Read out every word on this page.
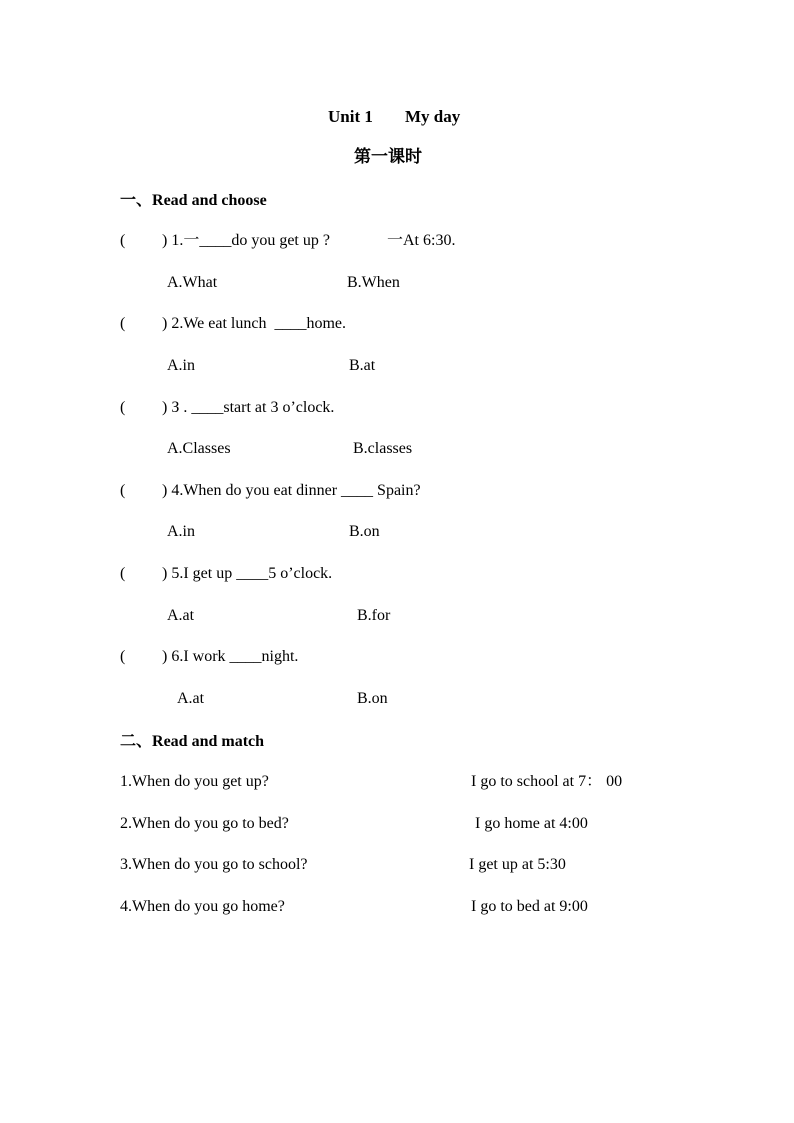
Unit 1 My day
第一课时
一、Read and choose
( ) 1.一____do you get up ?	一At 6:30.
A.What	B.When
( ) 2.We eat lunch  ____home.
A.in	B.at
( ) З . ____start at 3 o’clock.
A.Classes	B.classes
( ) 4.When do you eat dinner ____ Spain?
A.in	B.on
( ) 5.I get up ____5 o’clock.
A.at	B.for
( ) 6.I work ____night.
A.at	B.on
二、Read and match
1.When do you get up?	I go to school at 7： 00
2.When do you go to bed?	I go home at 4:00
3.When do you go to school?	I get up at 5:30
4.When do you go home?	I go to bed at 9:00
